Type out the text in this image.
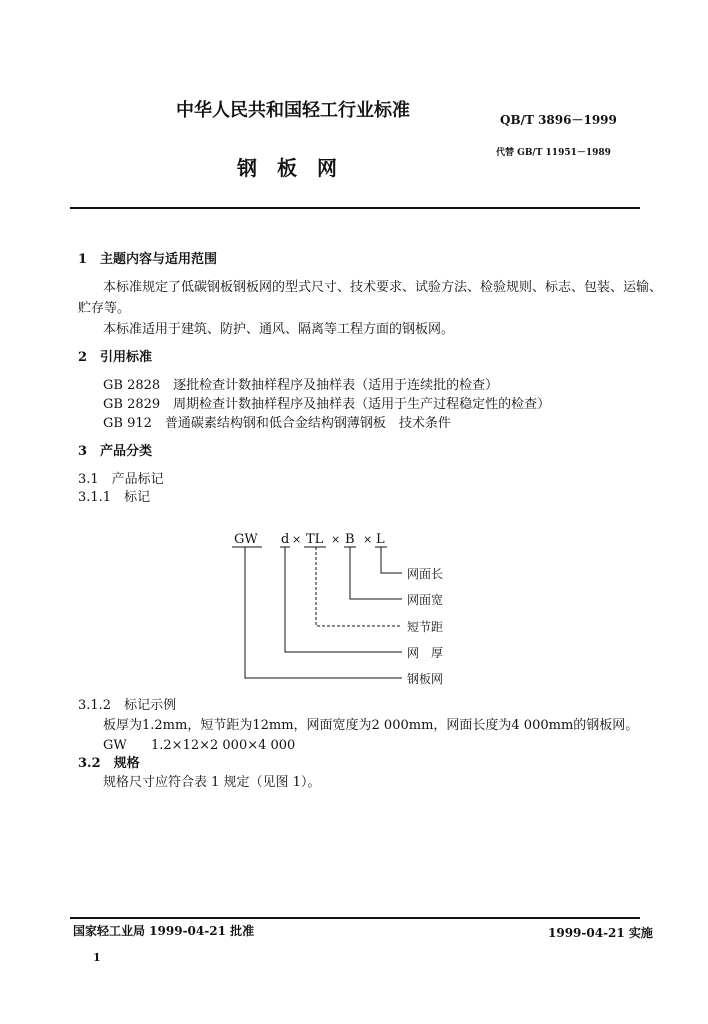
中华人民共和国轻工行业标准	QB/T 3896－1999
代替 GB/T 11951－1989
钢　板　网
1　主题内容与适用范围
本标准规定了低碳钢板钢板网的型式尺寸、技术要求、试验方法、检验规则、标志、包装、运输、
贮存等。
本标准适用于建筑、防护、通风、隔离等工程方面的钢板网。
2　引用标准
GB 2828　逐批检查计数抽样程序及抽样表（适用于连续批的检查）
GB 2829　周期检查计数抽样程序及抽样表（适用于生产过程稳定性的检查）
GB 912　普通碳素结构钢和低合金结构钢薄钢板　技术条件
3　产品分类
3.1　产品标记
3.1.1　标记
GW d × TL × B × L
网面长
网面宽
短节距
网　厚
钢板网
3.1.2　标记示例
板厚为1.2mm，短节距为12mm，网面宽度为2 000mm，网面长度为4 000mm的钢板网。
GW 1.2×12×2 000×4 000
3.2　规格
规格尺寸应符合表 1 规定（见图 1）。
国家轻工业局 1999-04-21 批准	1999-04-21 实施
1
